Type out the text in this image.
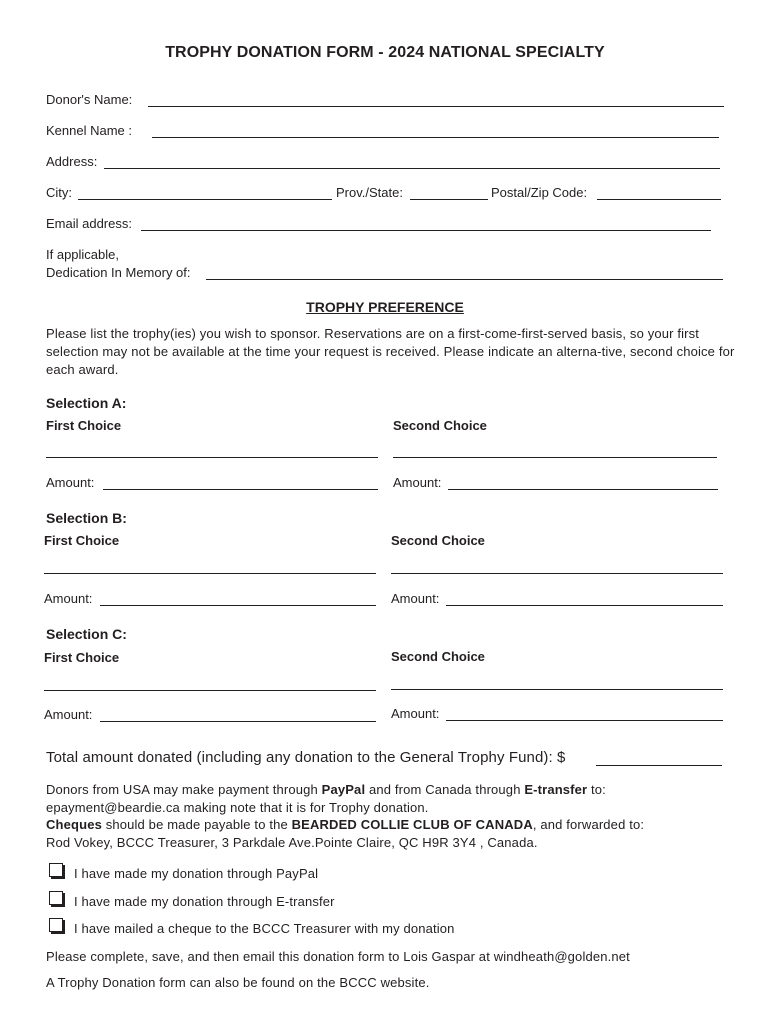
TROPHY DONATION FORM - 2024 NATIONAL SPECIALTY
Donor's Name:
Kennel Name :
Address:
City:	Prov./State:	Postal/Zip Code:
Email address:
If applicable,
Dedication In Memory of:
TROPHY PREFERENCE
Please list the trophy(ies) you wish to sponsor. Reservations are on a first-come-first-served basis, so your first selection may not be available at the time your request is received. Please indicate an alterna-tive, second choice for each award.
Selection A:
First Choice	Second Choice
Amount:	Amount:
Selection B:
First Choice	Second Choice
Amount:	Amount:
Selection C:
First Choice	Second Choice
Amount:	Amount:
Total amount donated (including any donation to the General Trophy Fund): $
Donors from USA may make payment through PayPal and from Canada through E-transfer to:
epayment@beardie.ca making note that it is for Trophy donation.
Cheques should be made payable to the BEARDED COLLIE CLUB OF CANADA, and forwarded to:
Rod Vokey, BCCC Treasurer, 3 Parkdale Ave.Pointe Claire, QC H9R 3Y4 , Canada.
I have made my donation through PayPal
I have made my donation through E-transfer
I have mailed a cheque to the BCCC Treasurer with my donation
Please complete, save, and then email this donation form to Lois Gaspar at windheath@golden.net
A Trophy Donation form can also be found on the BCCC website.
